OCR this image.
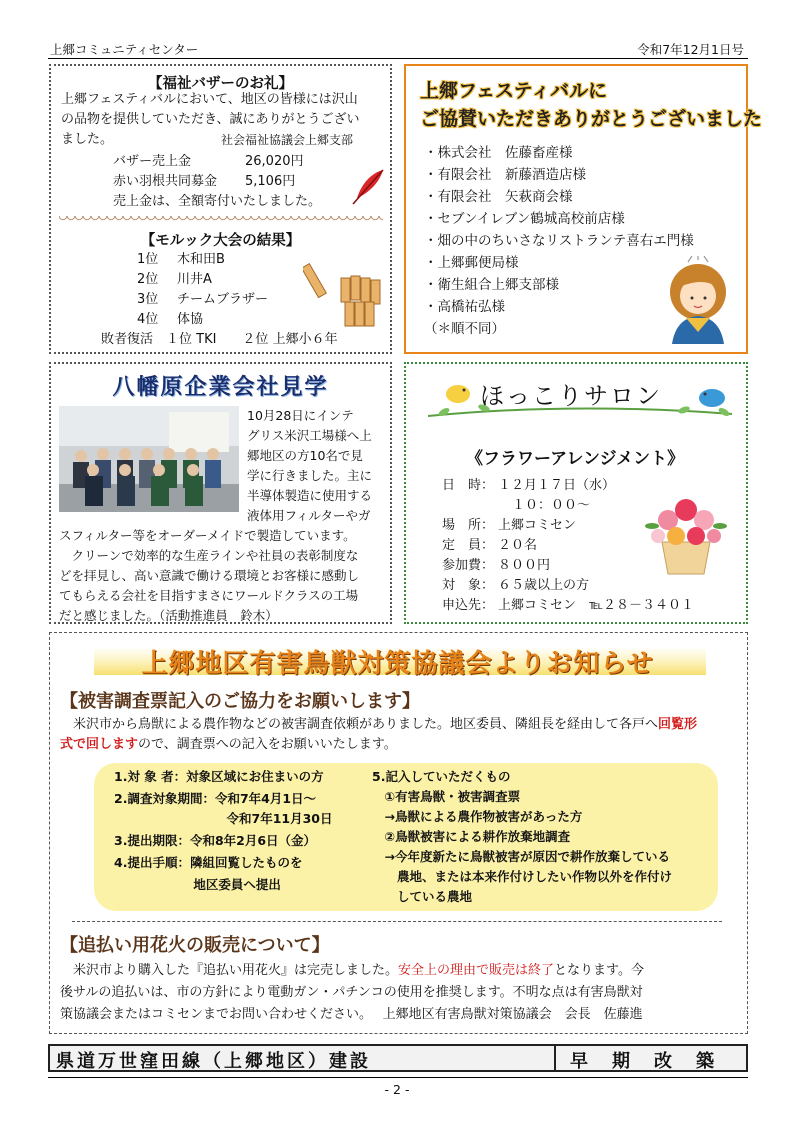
上郷コミュニティセンター	令和7年12月1日号
【福祉バザーのお礼】
上郷フェスティバルにおいて、地区の皆様には沢山
の品物を提供していただき、誠にありがとうござい
ました。	社会福祉協議会上郷支部
バザー売上金	26,020円
赤い羽根共同募金 5,106円
売上金は、全額寄付いたしました。
【モルック大会の結果】
1位 木和田B
2位 川井A
3位 チームブラザー
4位 体協
敗者復活　１位 TKI　　２位 上郷小６年
上郷フェスティバルに
ご協賛いただきありがとうございました
・株式会社　佐藤畜産様
・有限会社　新藤酒造店様
・有限会社　矢萩商会様
・セブンイレブン鶴城高校前店様
・畑の中のちいさなリストランテ喜右エ門様
・上郷郵便局様
・衛生組合上郷支部様
・高橋祐弘様
（＊順不同）
八幡原企業会社見学
10月28日にインテ
グリス米沢工場様へ上
郷地区の方10名で見
学に行きました。主に
半導体製造に使用する
液体用フィルターやガ
スフィルター等をオーダーメイドで製造しています。
　クリーンで効率的な生産ラインや社員の表彰制度な
どを拝見し、高い意識で働ける環境とお客様に感動し
てもらえる会社を目指すまさにワールドクラスの工場
だと感じました。（活動推進員　鈴木）
ほっこりサロン
《フラワーアレンジメント》
日　時： １２月１７日（水）
１０：００～
場　所： 上郷コミセン
定　員： ２０名
参加費： ８００円
対　象： ６５歳以上の方
申込先： 上郷コミセン　℡２８－３４０１
上郷地区有害鳥獣対策協議会よりお知らせ
【被害調査票記入のご協力をお願いします】
　米沢市から鳥獣による農作物などの被害調査依頼がありました。地区委員、隣組長を経由して各戸へ回覧形
式で回しますので、調査票への記入をお願いいたします。
1.対 象 者：対象区域にお住まいの方
2.調査対象期間：令和7年4月1日～
　　　　　　　　　令和7年11月30日
3.提出期限：令和8年2月6日（金）
4.提出手順：隣組回覧したものを
　　　　　　 地区委員へ提出
5.記入していただくもの
　①有害鳥獣・被害調査票
　→鳥獣による農作物被害があった方
　②鳥獣被害による耕作放棄地調査
　→今年度新たに鳥獣被害が原因で耕作放棄している
　　農地、または本来作付けしたい作物以外を作付け
　　している農地
【追払い用花火の販売について】
　米沢市より購入した『追払い用花火』は完売しました。安全上の理由で販売は終了となります。今
後サルの追払いは、市の方針により電動ガン・パチンコの使用を推奨します。不明な点は有害鳥獣対
策協議会またはコミセンまでお問い合わせください。　 上郷地区有害鳥獣対策協議会　会長　佐藤進
県道万世窪田線（上郷地区）建設	早　期　改　築
- 2 -
